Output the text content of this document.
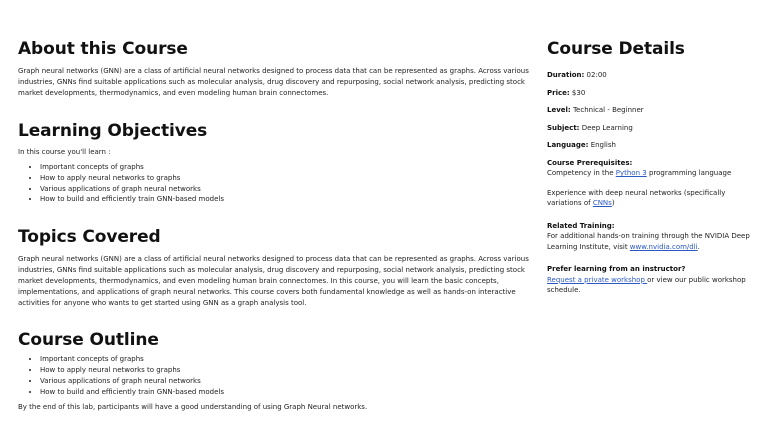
About this Course

Graph neural networks (GNN) are a class of artificial neural networks designed to process data that can be represented as graphs. Across various industries, GNNs find suitable applications such as molecular analysis, drug discovery and repurposing, social network analysis, predicting stock market developments, thermodynamics, and even modeling human brain connectomes.

Learning Objectives

In this course you'll learn :

• Important concepts of graphs
• How to apply neural networks to graphs
• Various applications of graph neural networks
• How to build and efficiently train GNN-based models
Topics Covered

Graph neural networks (GNN) are a class of artificial neural networks designed to process data that can be represented as graphs. Across various industries, GNNs find suitable applications such as molecular analysis, drug discovery and repurposing, social network analysis, predicting stock market developments, thermodynamics, and even modeling human brain connectomes. In this course, you will learn the basic concepts, implementations, and applications of graph neural networks. This course covers both fundamental knowledge as well as hands-on interactive activities for anyone who wants to get started using GNN as a graph analysis tool.

Course Outline
• Important concepts of graphs
• How to apply neural networks to graphs
• Various applications of graph neural networks
• How to build and efficiently train GNN-based models

By the end of this lab, participants will have a good understanding of using Graph Neural networks.

Course Details
Duration: 02:00
Price: $30
Level: Technical - Beginner
Subject: Deep Learning
Language: English
Course Prerequisites:
Competency in the Python 3 programming language
Experience with deep neural networks (specifically variations of CNNs)
Related Training:
For additional hands-on training through the NVIDIA Deep Learning Institute, visit www.nvidia.com/dli.
Prefer learning from an instructor?
Request a private workshop or view our public workshop schedule.
